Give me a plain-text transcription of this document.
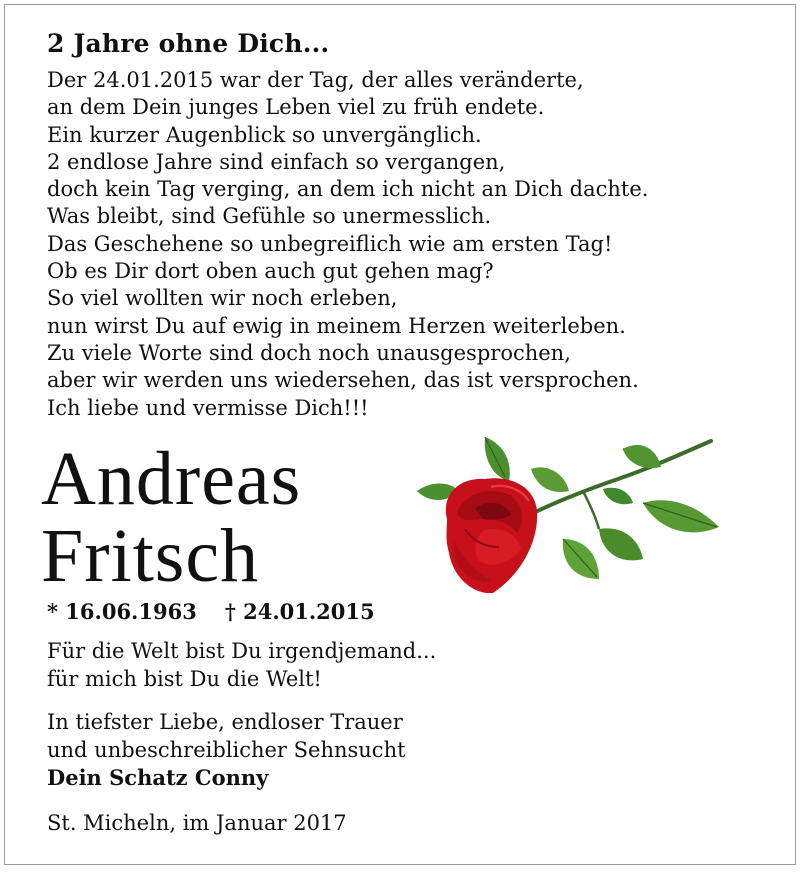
2 Jahre ohne Dich...
Der 24.01.2015 war der Tag, der alles veränderte,
an dem Dein junges Leben viel zu früh endete.
Ein kurzer Augenblick so unvergänglich.
2 endlose Jahre sind einfach so vergangen,
doch kein Tag verging, an dem ich nicht an Dich dachte.
Was bleibt, sind Gefühle so unermesslich.
Das Geschehene so unbegreiflich wie am ersten Tag!
Ob es Dir dort oben auch gut gehen mag?
So viel wollten wir noch erleben,
nun wirst Du auf ewig in meinem Herzen weiterleben.
Zu viele Worte sind doch noch unausgesprochen,
aber wir werden uns wiedersehen, das ist versprochen.
Ich liebe und vermisse Dich!!!
Andreas
Fritsch
* 16.06.1963 † 24.01.2015
Für die Welt bist Du irgendjemand...
für mich bist Du die Welt!
In tiefster Liebe, endloser Trauer
und unbeschreiblicher Sehnsucht
Dein Schatz Conny
St. Micheln, im Januar 2017
